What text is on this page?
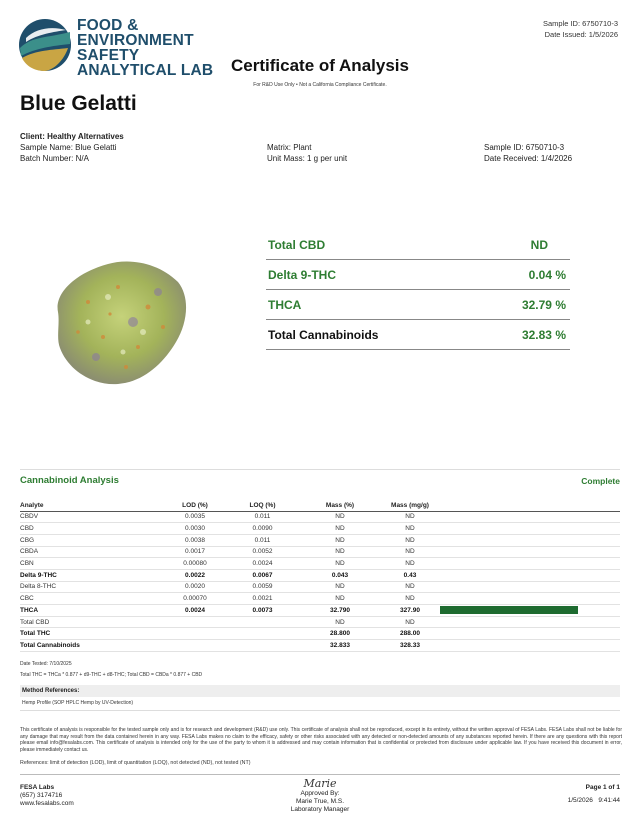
FOOD &
ENVIRONMENT
SAFETY
ANALYTICAL LAB
Sample ID: 6750710-3
Date Issued: 1/5/2026
Certificate of Analysis
For R&D Use Only • Not a California Compliance Certificate.
Blue Gelatti
Client: Healthy Alternatives
Sample Name: Blue Gelatti
Batch Number: N/A
Matrix: Plant
Unit Mass: 1 g per unit
Sample ID: 6750710-3
Date Received: 1/4/2026
Total CBD	ND
Delta 9-THC	0.04 %
THCA	32.79 %
Total Cannabinoids	32.83 %
Cannabinoid Analysis	Complete
Analyte	LOD (%)	LOQ (%)	Mass (%)	Mass (mg/g)	
CBDV	0.0035	0.011	ND	ND	
CBD	0.0030	0.0090	ND	ND	
CBG	0.0038	0.011	ND	ND	
CBDA	0.0017	0.0052	ND	ND	
CBN	0.00080	0.0024	ND	ND	
Delta 9-THC	0.0022	0.0067	0.043	0.43	
Delta 8-THC	0.0020	0.0059	ND	ND	
CBC	0.00070	0.0021	ND	ND	
THCA	0.0024	0.0073	32.790	327.90	

Total CBD			ND	ND	
Total THC			28.800	288.00	
Total Cannabinoids			32.833	328.33	
Date Tested: 7/10/2025
Total THC = THCa * 0.877 + d9-THC + d8-THC; Total CBD = CBDa * 0.877 + CBD
Method References:
Hemp Profile (SOP HPLC Hemp by UV-Detection)
This certificate of analysis is responsible for the tested sample only and is for research and development (R&D) use only. This certificate of analysis shall not be reproduced, except in its entirety, without the written approval of FESA Labs. FESA Labs shall not be liable for any damage that may result from the data contained herein in any way. FESA Labs makes no claim to the efficacy, safety or other risks associated with any detected or non-detected amounts of any substances reported herein. If there are any questions with this report please email info@fesalabs.com. This certificate of analysis is intended only for the use of the party to whom it is addressed and may contain information that is confidential or protected from disclosure under applicable law. If you have received this document in error, please immediately contact us.
References: limit of detection (LOD), limit of quantitation (LOQ), not detected (ND), not tested (NT)
FESA Labs
(657) 3174716
www.fesalabs.com
Marie
Approved By:
Marie True, M.S.
Laboratory Manager
Page 1 of 1
1/5/2026   9:41:44
